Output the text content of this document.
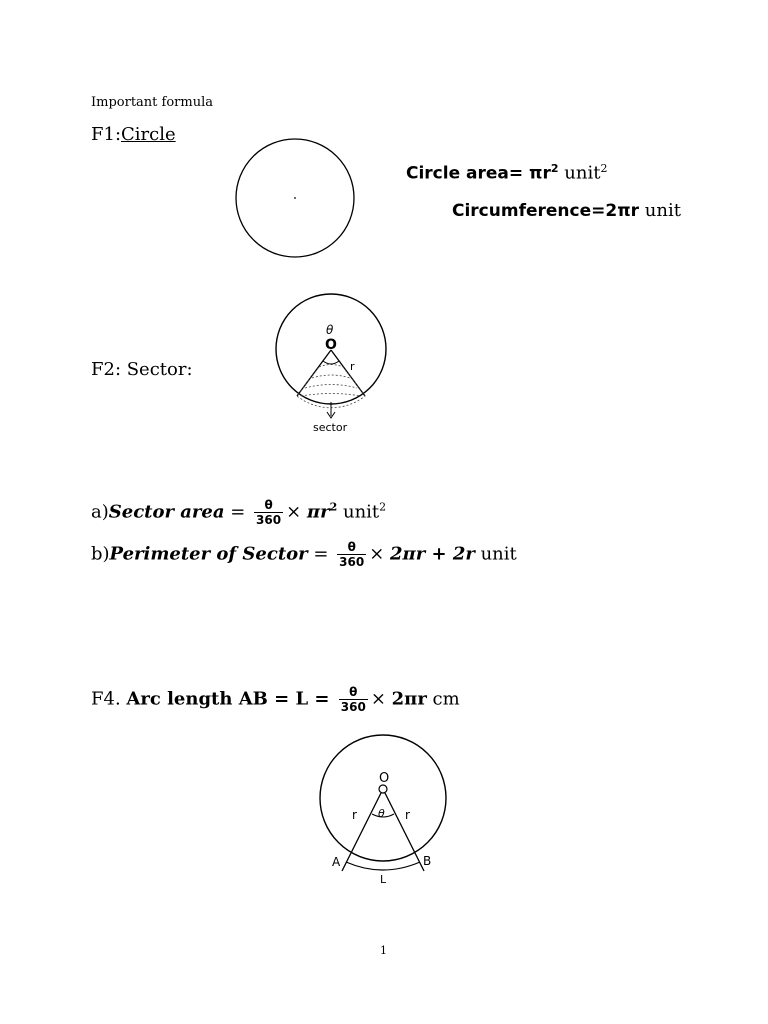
Important formula
F1:Circle
Circle area= $\pi r^2$ unit$^2$
Circumference=2πr unit
F2: Sector:
θ
O
r
sector
a)Sector area = $\frac{\theta}{360} \times \pi r^2$ unit$^2$
b)Perimeter of Sector = $\frac{\theta}{360} \times 2\pi r + 2r$ unit
F4. Arc length AB = $L = \frac{\theta}{360} \times 2\pi r$ cm
O
θ
r	r
A	B
L
1
